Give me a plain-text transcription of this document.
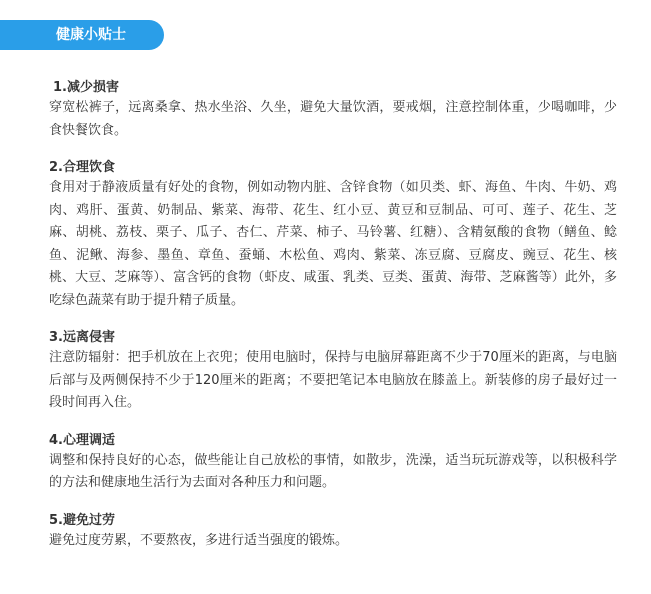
健康小贴士

1.减少损害

穿宽松裤子，远离桑拿、热水坐浴、久坐，避免大量饮酒，要戒烟，注意控制体重，少喝咖啡，少食快餐饮食。

2.合理饮食

食用对于静液质量有好处的食物，例如动物内脏、含锌食物（如贝类、虾、海鱼、牛肉、牛奶、鸡肉、鸡肝、蛋黄、奶制品、紫菜、海带、花生、红小豆、黄豆和豆制品、可可、莲子、花生、芝麻、胡桃、荔枝、栗子、瓜子、杏仁、芹菜、柿子、马铃薯、红糖）、含精氨酸的食物（鳝鱼、鲶鱼、泥鳅、海参、墨鱼、章鱼、蚕蛹、木松鱼、鸡肉、紫菜、冻豆腐、豆腐皮、豌豆、花生、核桃、大豆、芝麻等）、富含钙的食物（虾皮、咸蛋、乳类、豆类、蛋黄、海带、芝麻酱等）此外，多吃绿色蔬菜有助于提升精子质量。

3.远离侵害

注意防辐射：把手机放在上衣兜；使用电脑时，保持与电脑屏幕距离不少于70厘米的距离，与电脑后部与及两侧保持不少于120厘米的距离；不要把笔记本电脑放在膝盖上。新装修的房子最好过一段时间再入住。

4.心理调适

调整和保持良好的心态，做些能让自己放松的事情，如散步，洗澡，适当玩玩游戏等，以积极科学的方法和健康地生活行为去面对各种压力和问题。

5.避免过劳

避免过度劳累，不要熬夜，多进行适当强度的锻炼。
